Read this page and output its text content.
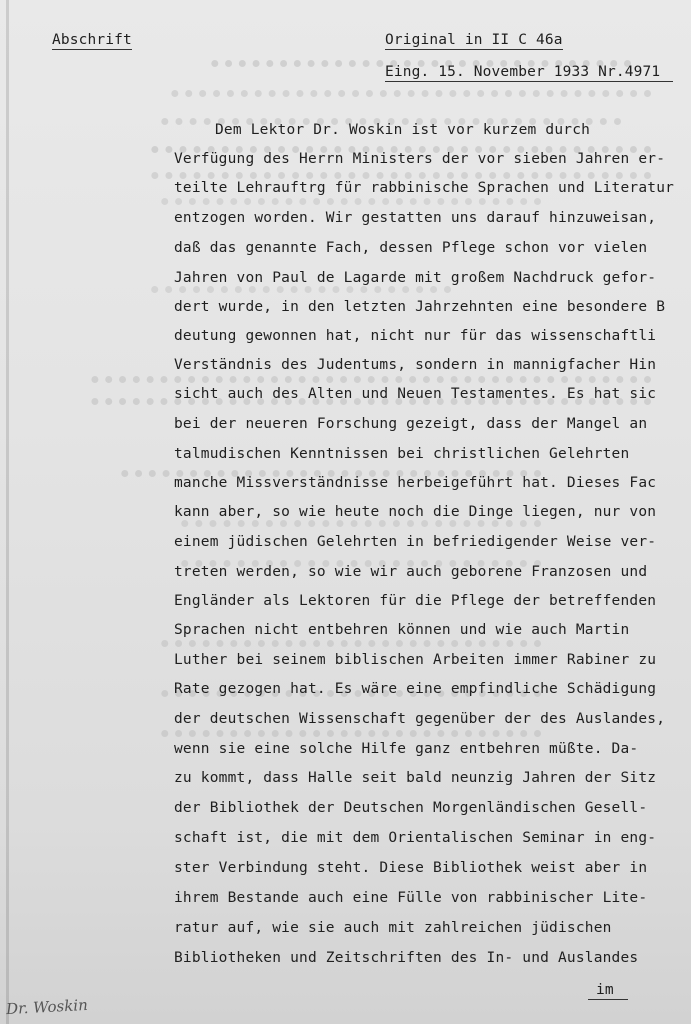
Abschrift	Original in II C 46a
Eing. 15. November 1933 Nr.4971
Dem Lektor Dr. Woskin ist vor kurzem durch
Verfügung des Herrn Ministers der vor sieben Jahren er-
teilte Lehrauftrg für rabbinische Sprachen und Literatur
entzogen worden. Wir gestatten uns darauf hinzuweisan,
daß das genannte Fach, dessen Pflege schon vor vielen
Jahren von Paul de Lagarde mit großem Nachdruck gefor-
dert wurde, in den letzten Jahrzehnten eine besondere B
deutung gewonnen hat, nicht nur für das wissenschaftli
Verständnis des Judentums, sondern in mannigfacher Hin
sicht auch des Alten und Neuen Testamentes. Es hat sic
bei der neueren Forschung gezeigt, dass der Mangel an
talmudischen Kenntnissen bei christlichen Gelehrten
manche Missverständnisse herbeigeführt hat. Dieses Fac
kann aber, so wie heute noch die Dinge liegen, nur von
einem jüdischen Gelehrten in befriedigender Weise ver-
treten werden, so wie wir auch geborene Franzosen und
Engländer als Lektoren für die Pflege der betreffenden
Sprachen nicht entbehren können und wie auch Martin
Luther bei seinem biblischen Arbeiten immer Rabiner zu
Rate gezogen hat. Es wäre eine empfindliche Schädigung
der deutschen Wissenschaft gegenüber der des Auslandes,
wenn sie eine solche Hilfe ganz entbehren müßte. Da-
zu kommt, dass Halle seit bald neunzig Jahren der Sitz
der Bibliothek der Deutschen Morgenländischen Gesell-
schaft ist, die mit dem Orientalischen Seminar in eng-
ster Verbindung steht. Diese Bibliothek weist aber in
ihrem Bestande auch eine Fülle von rabbinischer Lite-
ratur auf, wie sie auch mit zahlreichen jüdischen
Bibliotheken und Zeitschriften des In- und Auslandes
im
Dr. Woskin
